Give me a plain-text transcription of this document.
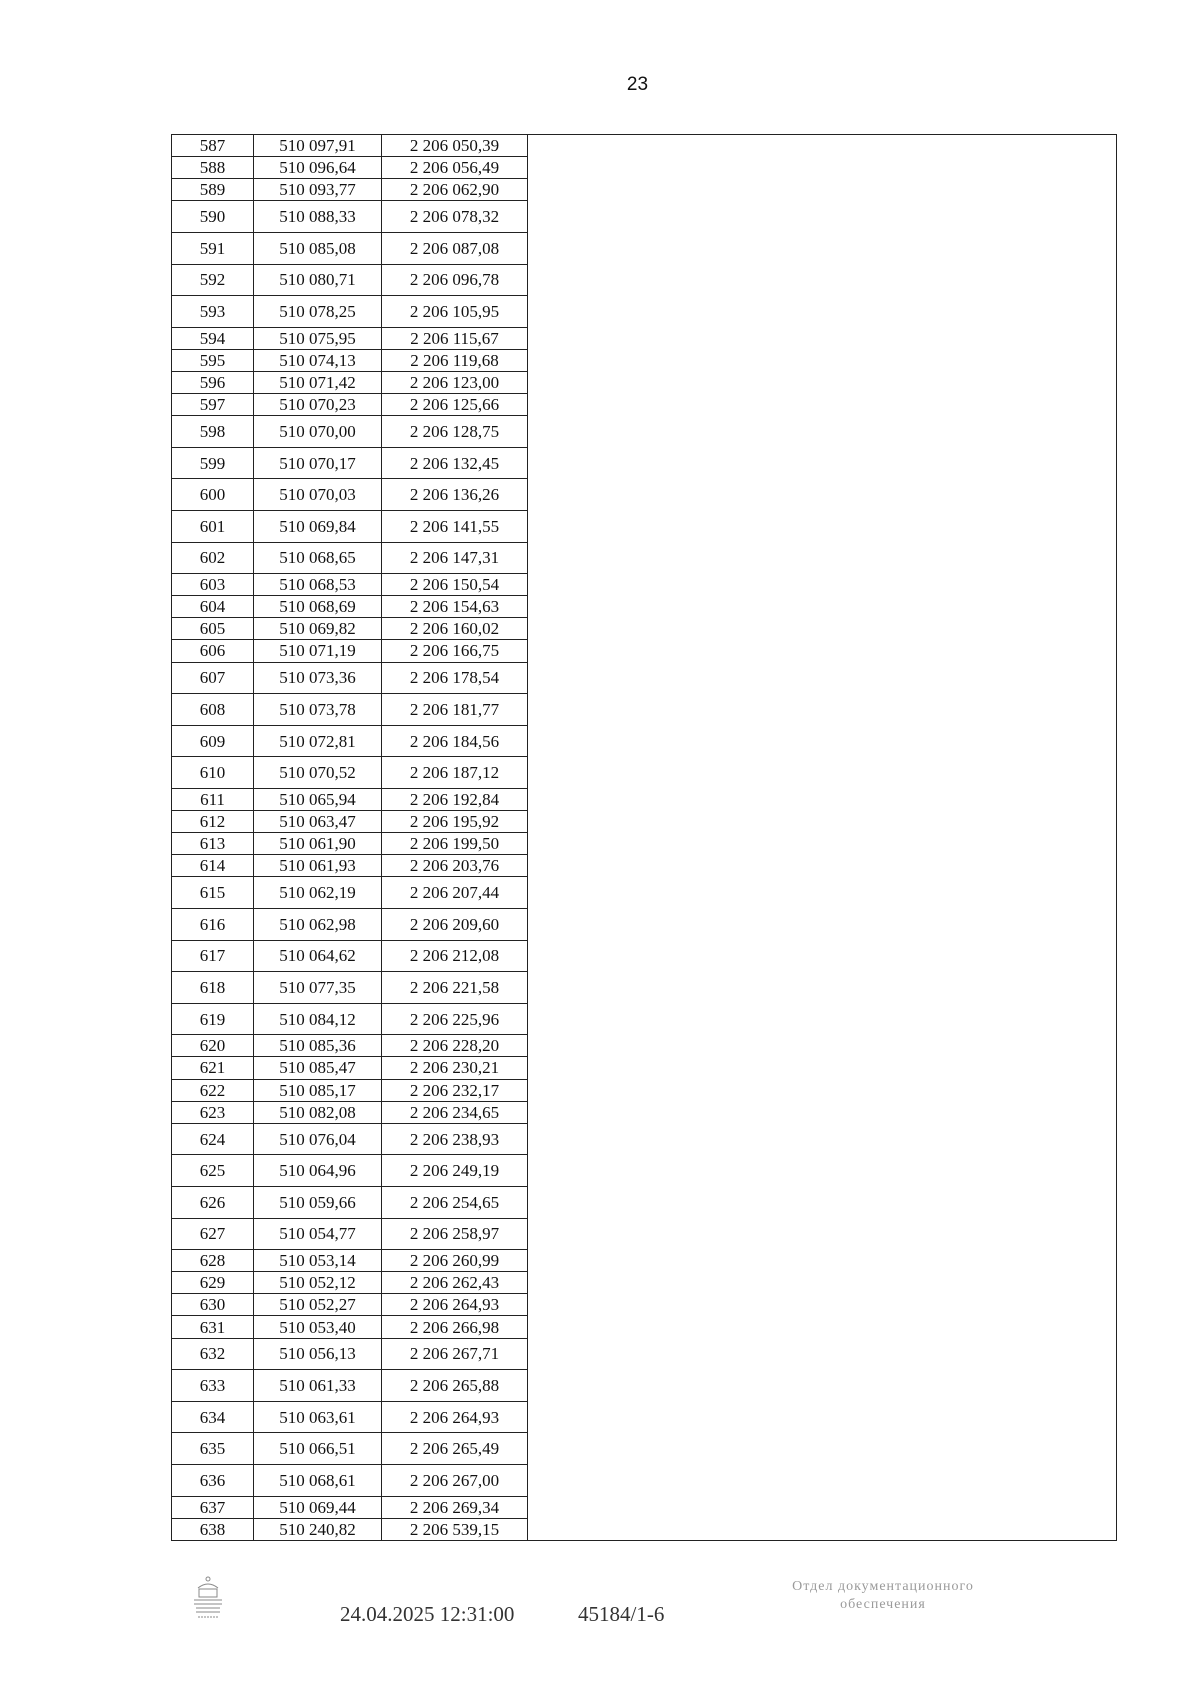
23
587	510 097,91	2 206 050,39
588	510 096,64	2 206 056,49
589	510 093,77	2 206 062,90
590	510 088,33	2 206 078,32
591	510 085,08	2 206 087,08
592	510 080,71	2 206 096,78
593	510 078,25	2 206 105,95
594	510 075,95	2 206 115,67
595	510 074,13	2 206 119,68
596	510 071,42	2 206 123,00
597	510 070,23	2 206 125,66
598	510 070,00	2 206 128,75
599	510 070,17	2 206 132,45
600	510 070,03	2 206 136,26
601	510 069,84	2 206 141,55
602	510 068,65	2 206 147,31
603	510 068,53	2 206 150,54
604	510 068,69	2 206 154,63
605	510 069,82	2 206 160,02
606	510 071,19	2 206 166,75
607	510 073,36	2 206 178,54
608	510 073,78	2 206 181,77
609	510 072,81	2 206 184,56
610	510 070,52	2 206 187,12
611	510 065,94	2 206 192,84
612	510 063,47	2 206 195,92
613	510 061,90	2 206 199,50
614	510 061,93	2 206 203,76
615	510 062,19	2 206 207,44
616	510 062,98	2 206 209,60
617	510 064,62	2 206 212,08
618	510 077,35	2 206 221,58
619	510 084,12	2 206 225,96
620	510 085,36	2 206 228,20
621	510 085,47	2 206 230,21
622	510 085,17	2 206 232,17
623	510 082,08	2 206 234,65
624	510 076,04	2 206 238,93
625	510 064,96	2 206 249,19
626	510 059,66	2 206 254,65
627	510 054,77	2 206 258,97
628	510 053,14	2 206 260,99
629	510 052,12	2 206 262,43
630	510 052,27	2 206 264,93
631	510 053,40	2 206 266,98
632	510 056,13	2 206 267,71
633	510 061,33	2 206 265,88
634	510 063,61	2 206 264,93
635	510 066,51	2 206 265,49
636	510 068,61	2 206 267,00
637	510 069,44	2 206 269,34
638	510 240,82	2 206 539,15
24.04.2025 12:31:00	45184/1-6
Отдел документационного
обеспечения
